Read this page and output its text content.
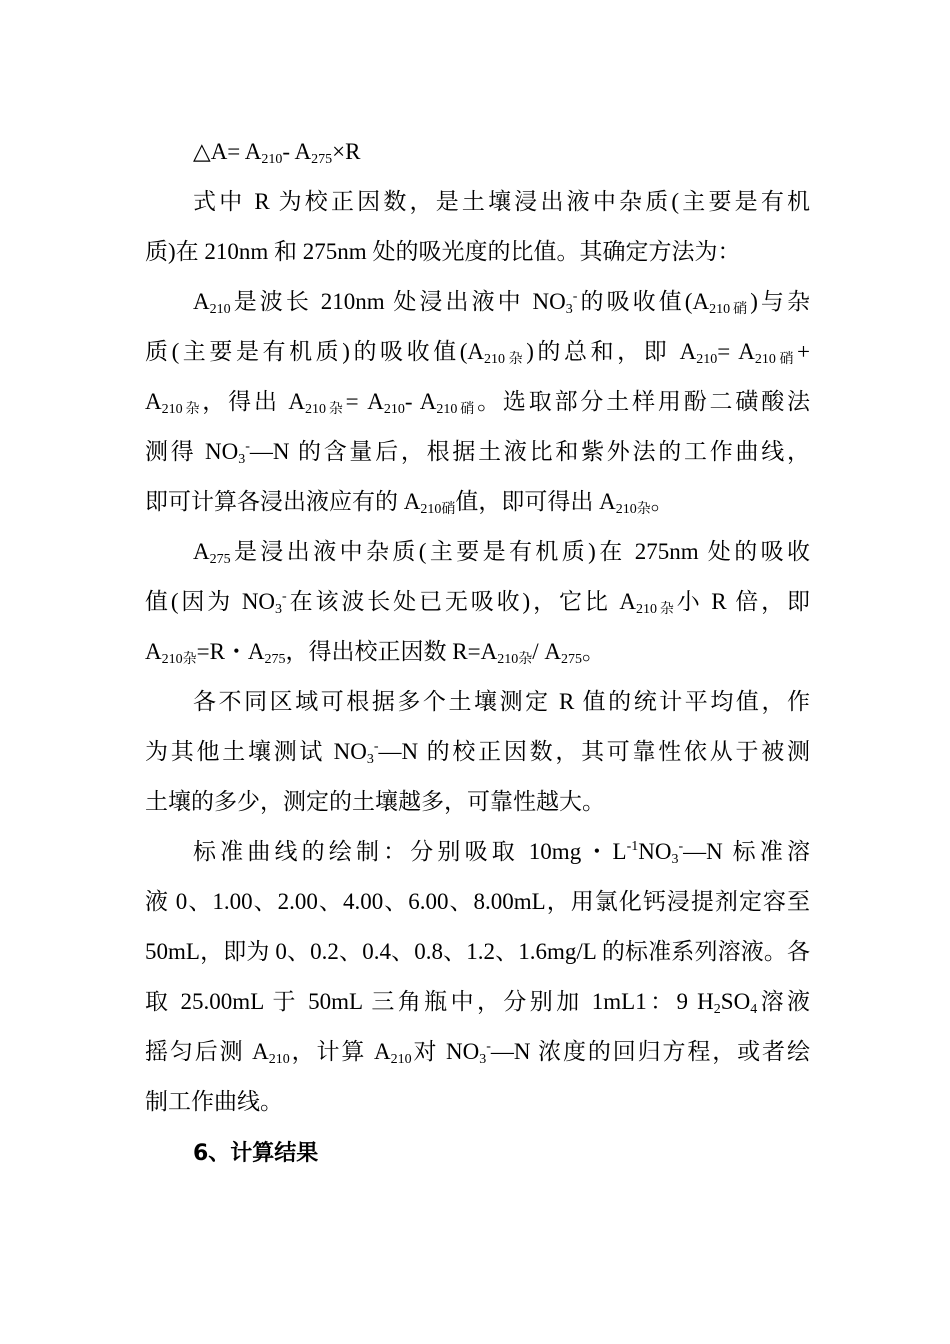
△A= $A_{210}-$ $A_{275}\times R$
式中 R 为校正因数，是土壤浸出液中杂质(主要是有机
质)在 210nm 和 275nm 处的吸光度的比值。其确定方法为：
$A_{210}$是波长 210nm 处浸出液中 $NO_3^-$的吸收值$(A_{210硝})$与杂
质(主要是有机质)的吸收值$(A_{210杂})$的总和，即 $A_{210}= A_{210硝}+$
$A_{210杂}$，得出 $A_{210杂}= A_{210}-$ $A_{210硝}$。选取部分土样用酚二磺酸法
测得 $NO_3^-—N$ 的含量后，根据土液比和紫外法的工作曲线，
即可计算各浸出液应有的 $A_{210硝}$值，即可得出 $A_{210杂}$。
$A_{275}$是浸出液中杂质(主要是有机质)在 275nm 处的吸收
值(因为 $NO_3^-$在该波长处已无吸收)，它比 $A_{210杂}$小 R 倍，即
$A_{210杂}=R$・$A_{275}$，得出校正因数 $R=A_{210杂}/$ $A_{275}$。
各不同区域可根据多个土壤测定 R 值的统计平均值，作
为其他土壤测试 $NO_3^-—N$ 的校正因数，其可靠性依从于被测
土壤的多少，测定的土壤越多，可靠性越大。
标准曲线的绘制：分别吸取 10mg・$L^{-1}NO_3^-—N$ 标准溶
液 0、1.00、2.00、4.00、6.00、8.00mL，用氯化钙浸提剂定容至
50mL，即为 0、0.2、0.4、0.8、1.2、1.6mg/L 的标准系列溶液。各
取 25.00mL 于 50mL 三角瓶中，分别加 1mL1：9 $H_2SO_4$溶液
摇匀后测 $A_{210}$，计算 $A_{210}$对 $NO_3^-—N$ 浓度的回归方程，或者绘
制工作曲线。
6、计算结果
